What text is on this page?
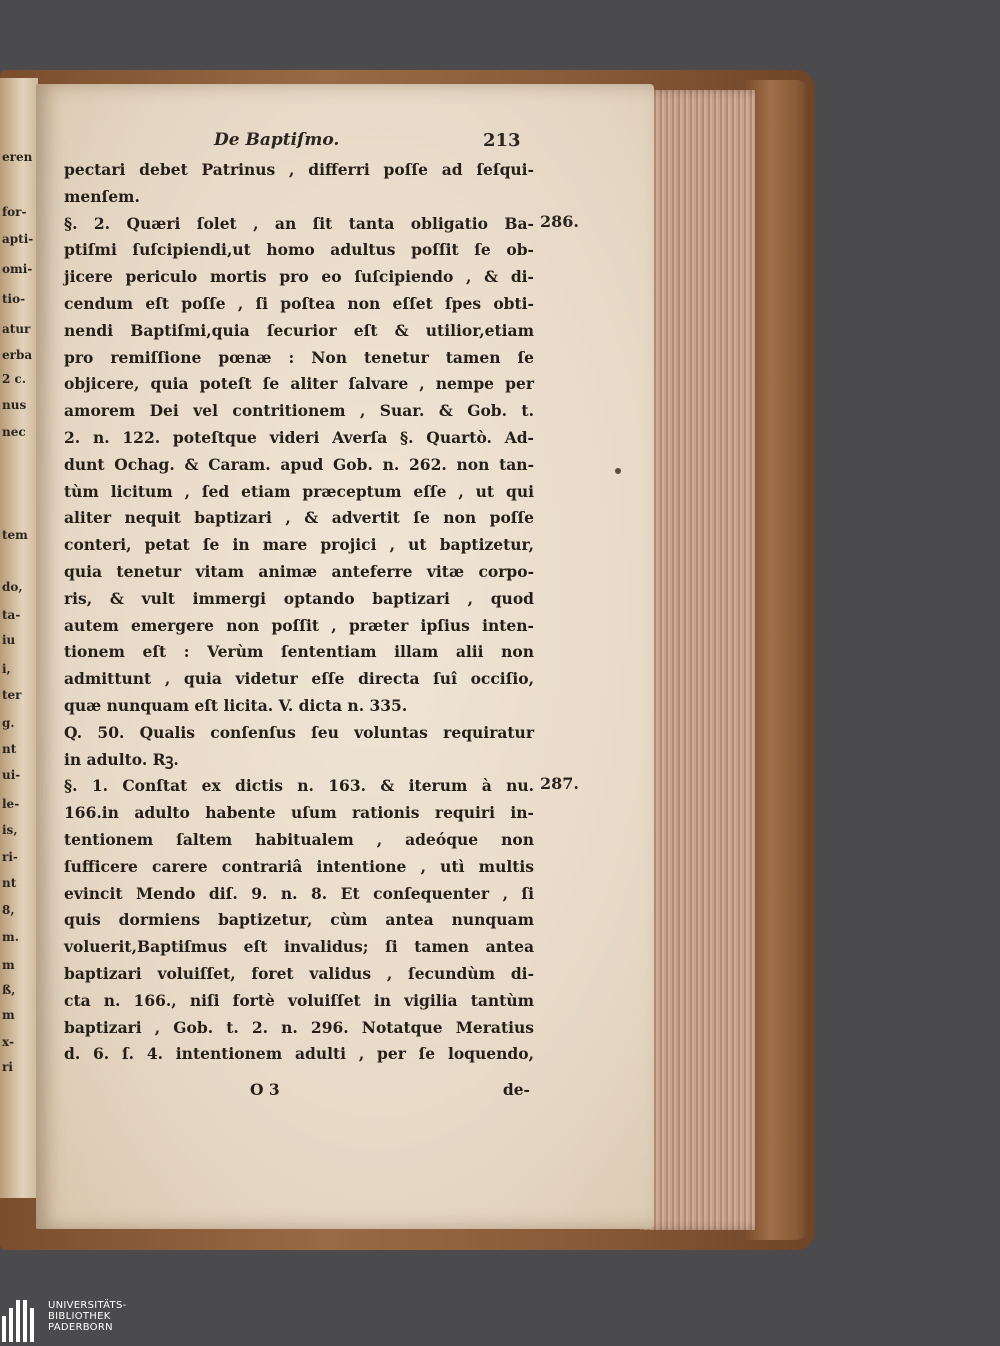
eren
for-
apti-
omi-
tio-
atur
erba
2 c.
nus
nec
tem
do,
ta-
iu
i,
ter
g.
nt
ui-
le-
is,
ri-
nt
8,
m.
m
ß,
m
x-
ri
De Baptiſmo.	213
pectari debet Patrinus , differri poſſe ad ſeſqui-
menſem.
§. 2. Quæri ſolet , an ſit tanta obligatio Ba-
ptiſmi ſuſcipiendi,ut homo adultus poſſit ſe ob-
jicere periculo mortis pro eo ſuſcipiendo , & di-
cendum eſt poſſe , ſi poſtea non eſſet ſpes obti-
nendi Baptiſmi,quia ſecurior eſt & utilior,etiam
pro remiſſione pœnæ : Non tenetur tamen ſe
objicere, quia poteſt ſe aliter ſalvare , nempe per
amorem Dei vel contritionem , Suar. & Gob. t.
2. n. 122. poteſtque videri Averſa §. Quartò. Ad-
dunt Ochag. & Caram. apud Gob. n. 262. non tan-
tùm licitum , ſed etiam præceptum eſſe , ut qui
aliter nequit baptizari , & advertit ſe non poſſe
conteri, petat ſe in mare projici , ut baptizetur,
quia tenetur vitam animæ anteferre vitæ corpo-
ris, & vult immergi optando baptizari , quod
autem emergere non poſſit , præter ipſius inten-
tionem eſt : Verùm ſententiam illam alii non
admittunt , quia videtur eſſe directa ſuî occiſio,
quæ nunquam eſt licita. V. dicta n. 335.
Q. 50. Qualis conſenſus ſeu voluntas requiratur
in adulto. Rꝫ.
§. 1. Conſtat ex dictis n. 163. & iterum à nu.
166.in adulto habente uſum rationis requiri in-
tentionem ſaltem habitualem , adeóque non
ſufficere carere contrariâ intentione , utì multis
evincit Mendo diſ. 9. n. 8. Et conſequenter , ſi
quis dormiens baptizetur, cùm antea nunquam
voluerit,Baptiſmus eſt invalidus; ſi tamen antea
baptizari voluiſſet, foret validus , ſecundùm di-
cta n. 166., niſi fortè voluiſſet in vigilia tantùm
baptizari , Gob. t. 2. n. 296. Notatque Meratius
d. 6. ſ. 4. intentionem adulti , per ſe loquendo,
286.
287.
O 3	de-
UNIVERSITÄTS-
BIBLIOTHEK
PADERBORN
